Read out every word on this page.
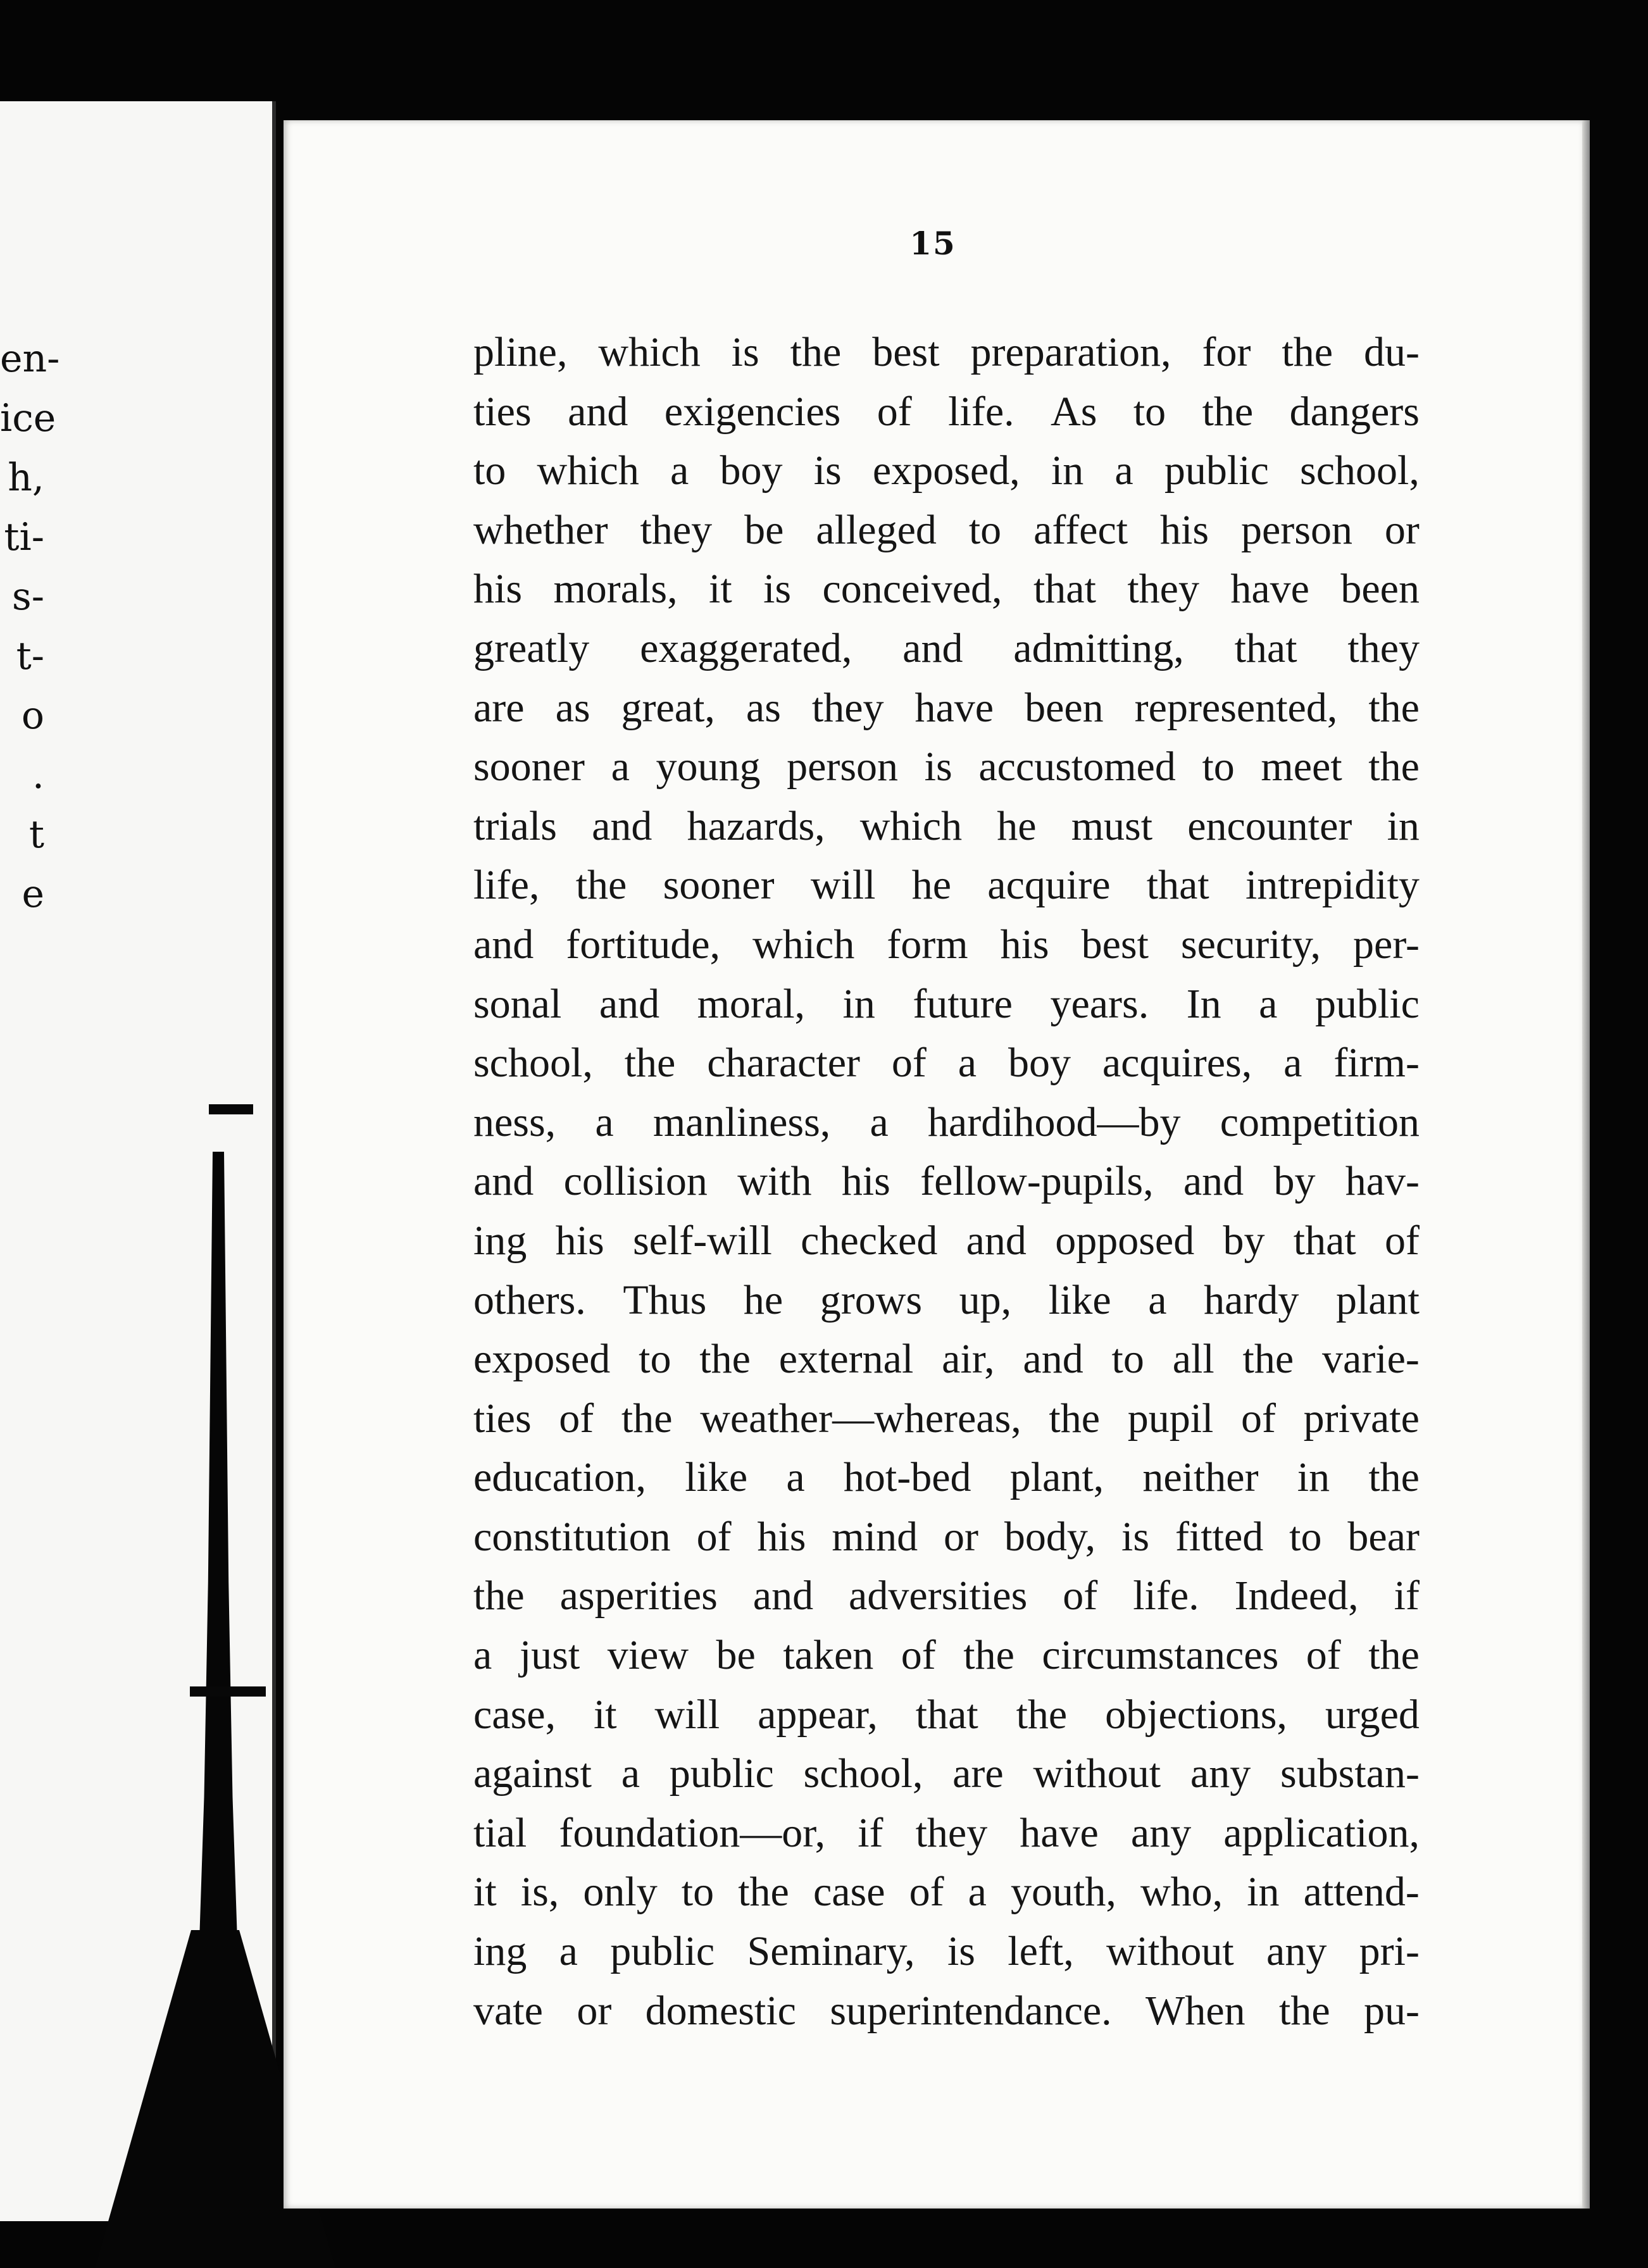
en-
ice
h,
ti-
s-
t-
o
.
t
e
15
pline, which is the best preparation, for the du-
ties and exigencies of life. As to the dangers
to which a boy is exposed, in a public school,
whether they be alleged to affect his person or
his morals, it is conceived, that they have been
greatly exaggerated, and admitting, that they
are as great, as they have been represented, the
sooner a young person is accustomed to meet the
trials and hazards, which he must encounter in
life, the sooner will he acquire that intrepidity
and fortitude, which form his best security, per-
sonal and moral, in future years. In a public
school, the character of a boy acquires, a firm-
ness, a manliness, a hardihood—by competition
and collision with his fellow-pupils, and by hav-
ing his self-will checked and opposed by that of
others. Thus he grows up, like a hardy plant
exposed to the external air, and to all the varie-
ties of the weather—whereas, the pupil of private
education, like a hot-bed plant, neither in the
constitution of his mind or body, is fitted to bear
the asperities and adversities of life. Indeed, if
a just view be taken of the circumstances of the
case, it will appear, that the objections, urged
against a public school, are without any substan-
tial foundation—or, if they have any application,
it is, only to the case of a youth, who, in attend-
ing a public Seminary, is left, without any pri-
vate or domestic superintendance. When the pu-
